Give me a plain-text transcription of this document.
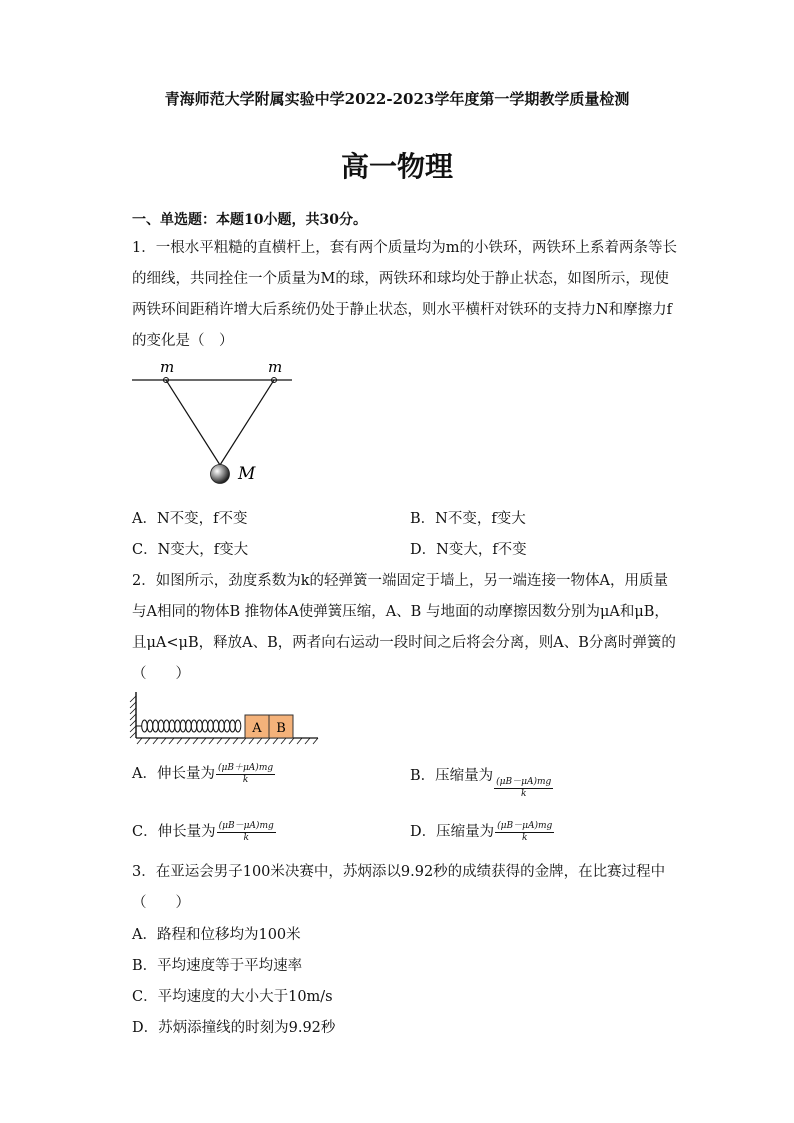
青海师范大学附属实验中学2022-2023学年度第一学期教学质量检测
高一物理
一、单选题：本题10小题，共30分。
1．一根水平粗糙的直横杆上，套有两个质量均为m的小铁环，两铁环上系着两条等长
的细线，共同拴住一个质量为M的球，两铁环和球均处于静止状态，如图所示，现使
两铁环间距稍许增大后系统仍处于静止状态，则水平横杆对铁环的支持力N和摩擦力f
的变化是（　）
m	m
M
A．N不变，f不变	B．N不变，f变大
C．N变大，f变大	D．N变大，f不变
2．如图所示，劲度系数为k的轻弹簧一端固定于墙上，另一端连接一物体A，用质量
与A相同的物体B 推物体A使弹簧压缩，A、B 与地面的动摩擦因数分别为μA和μB，
且μA<μB，释放A、B，两者向右运动一段时间之后将会分离，则A、B分离时弹簧的
（　　）
A B
A．伸长量为 $\frac{(\mu B+\mu A)mg}{k}$	B．压缩量为
$\frac{(\mu B-\mu A)mg}{k}$
C．伸长量为 $\frac{(\mu B-\mu A)mg}{k}$	D．压缩量为 $\frac{(\mu B-\mu A)mg}{k}$
3．在亚运会男子100米决赛中，苏炳添以9.92秒的成绩获得的金牌，在比赛过程中
（　　）
A．路程和位移均为100米
B．平均速度等于平均速率
C．平均速度的大小大于10m/s
D．苏炳添撞线的时刻为9.92秒
